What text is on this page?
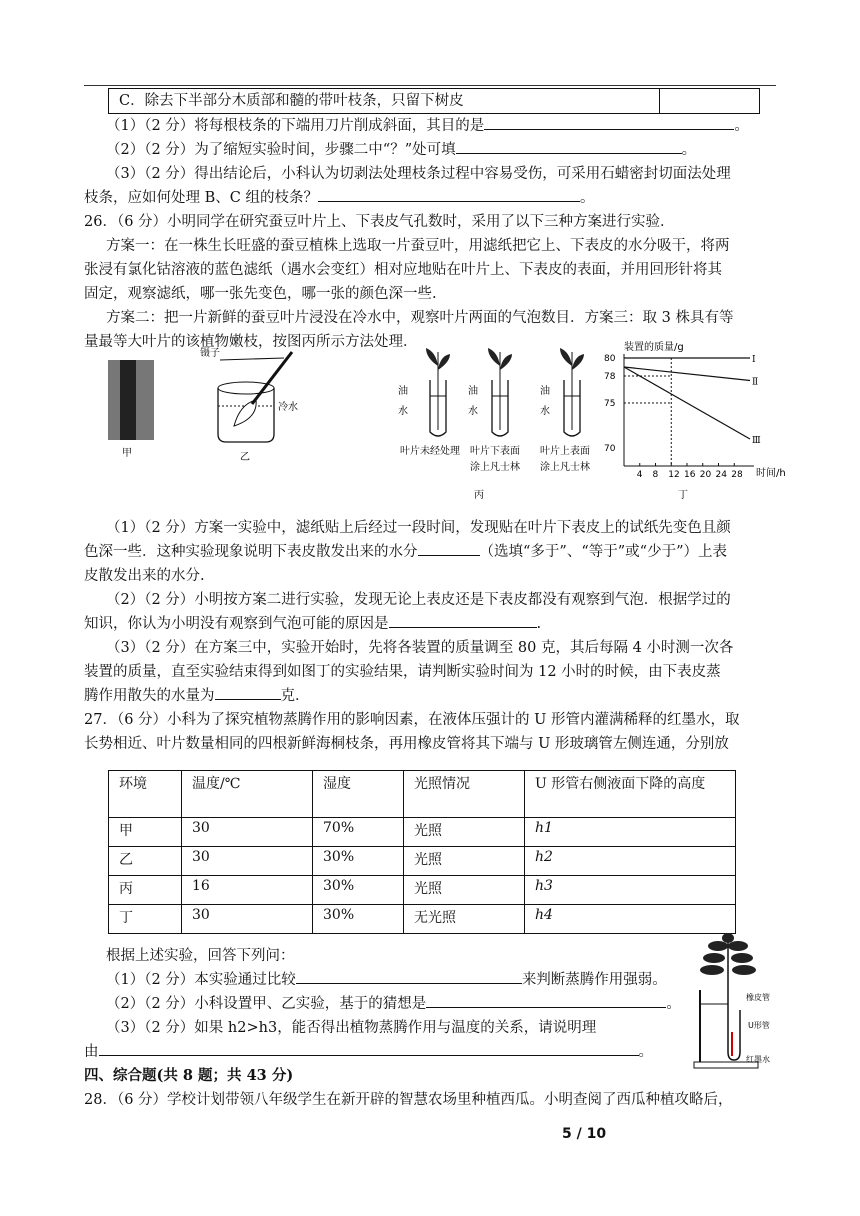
C．除去下半部分木质部和髓的带叶枝条，只留下树皮
（1）（2 分）将每根枝条的下端用刀片削成斜面，其目的是	。
（2）（2 分）为了缩短实验时间，步骤二中“？”处可填	。
（3）（2 分）得出结论后，小科认为切剥法处理枝条过程中容易受伤，可采用石蜡密封切面法处理
枝条，应如何处理 B、C 组的枝条？	。
26．（6 分）小明同学在研究蚕豆叶片上、下表皮气孔数时，采用了以下三种方案进行实验．
方案一：在一株生长旺盛的蚕豆植株上选取一片蚕豆叶，用滤纸把它上、下表皮的水分吸干，将两
张浸有氯化钴溶液的蓝色滤纸（遇水会变红）相对应地贴在叶片上、下表皮的表面，并用回形针将其
固定，观察滤纸，哪一张先变色，哪一张的颜色深一些.
方案二：把一片新鲜的蚕豆叶片浸没在冷水中，观察叶片两面的气泡数目．方案三：取 3 株具有等
量最等大叶片的该植物嫩枝，按图丙所示方法处理．
甲
镊子
冷水
乙
油
水
叶片未经处理
油
水
叶片下表面
涂上凡士林
油
水
叶片上表面
涂上凡士林
丙
装置的质量/g
时间/h
丁
4 8 12 16 20 24 28
70
75
78
80	Ⅰ
Ⅱ
Ⅲ
（1）（2 分）方案一实验中，滤纸贴上后经过一段时间，发现贴在叶片下表皮上的试纸先变色且颜
色深一些．这种实验现象说明下表皮散发出来的水分	（选填“多于”、“等于”或“少于”）上表
皮散发出来的水分.
（2）（2 分）小明按方案二进行实验，发现无论上表皮还是下表皮都没有观察到气泡．根据学过的
知识，你认为小明没有观察到气泡可能的原因是	.
（3）（2 分）在方案三中，实验开始时，先将各装置的质量调至 80 克，其后每隔 4 小时测一次各
装置的质量，直至实验结束得到如图丁的实验结果，请判断实验时间为 12 小时的时候，由下表皮蒸
腾作用散失的水量为	克．
27．（6 分）小科为了探究植物蒸腾作用的影响因素，在液体压强计的 U 形管内灌满稀释的红墨水，取
长势相近、叶片数量相同的四根新鲜海桐枝条，再用橡皮管将其下端与 U 形玻璃管左侧连通，分别放
环境	温度/℃	湿度	光照情况	U 形管右侧液面下降的高度
甲	30	70%	光照	h1
乙	30	30%	光照	h2
丙	16	30%	光照	h3
丁	30	30%	无光照	h4
根据上述实验，回答下列问：
（1）（2 分）本实验通过比较	来判断蒸腾作用强弱。
（2）（2 分）小科设置甲、乙实验，基于的猜想是	。
（3）（2 分）如果 h2>h3，能否得出植物蒸腾作用与温度的关系，请说明理
由	。
橡皮管
U形管
红墨水
四、综合题(共 8 题；共 43 分)
28．（6 分）学校计划带领八年级学生在新开辟的智慧农场里种植西瓜。小明查阅了西瓜种植攻略后，
5 / 10
